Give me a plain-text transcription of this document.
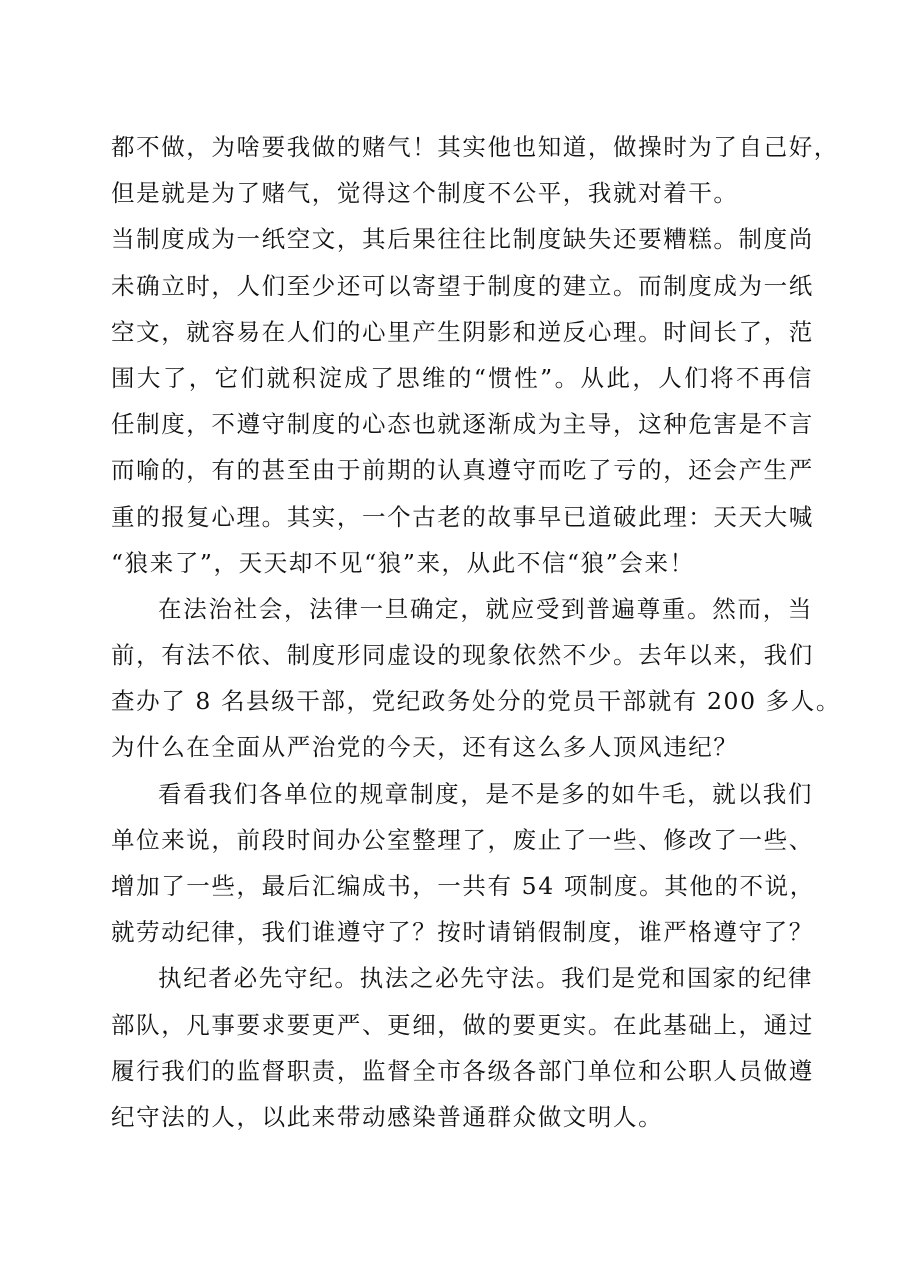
都不做，为啥要我做的赌气！其实他也知道，做操时为了自己好，
但是就是为了赌气，觉得这个制度不公平，我就对着干。
当制度成为一纸空文，其后果往往比制度缺失还要糟糕。制度尚
未确立时，人们至少还可以寄望于制度的建立。而制度成为一纸
空文，就容易在人们的心里产生阴影和逆反心理。时间长了，范
围大了，它们就积淀成了思维的“惯性”。从此，人们将不再信
任制度，不遵守制度的心态也就逐渐成为主导，这种危害是不言
而喻的，有的甚至由于前期的认真遵守而吃了亏的，还会产生严
重的报复心理。其实，一个古老的故事早已道破此理：天天大喊
“狼来了”，天天却不见“狼”来，从此不信“狼”会来！
在法治社会，法律一旦确定，就应受到普遍尊重。然而，当
前，有法不依、制度形同虚设的现象依然不少。去年以来，我们
查办了 8 名县级干部，党纪政务处分的党员干部就有 200 多人。
为什么在全面从严治党的今天，还有这么多人顶风违纪？
看看我们各单位的规章制度，是不是多的如牛毛，就以我们
单位来说，前段时间办公室整理了，废止了一些、修改了一些、
增加了一些，最后汇编成书，一共有 54 项制度。其他的不说，
就劳动纪律，我们谁遵守了？按时请销假制度，谁严格遵守了？
执纪者必先守纪。执法之必先守法。我们是党和国家的纪律
部队，凡事要求要更严、更细，做的要更实。在此基础上，通过
履行我们的监督职责，监督全市各级各部门单位和公职人员做遵
纪守法的人，以此来带动感染普通群众做文明人。
